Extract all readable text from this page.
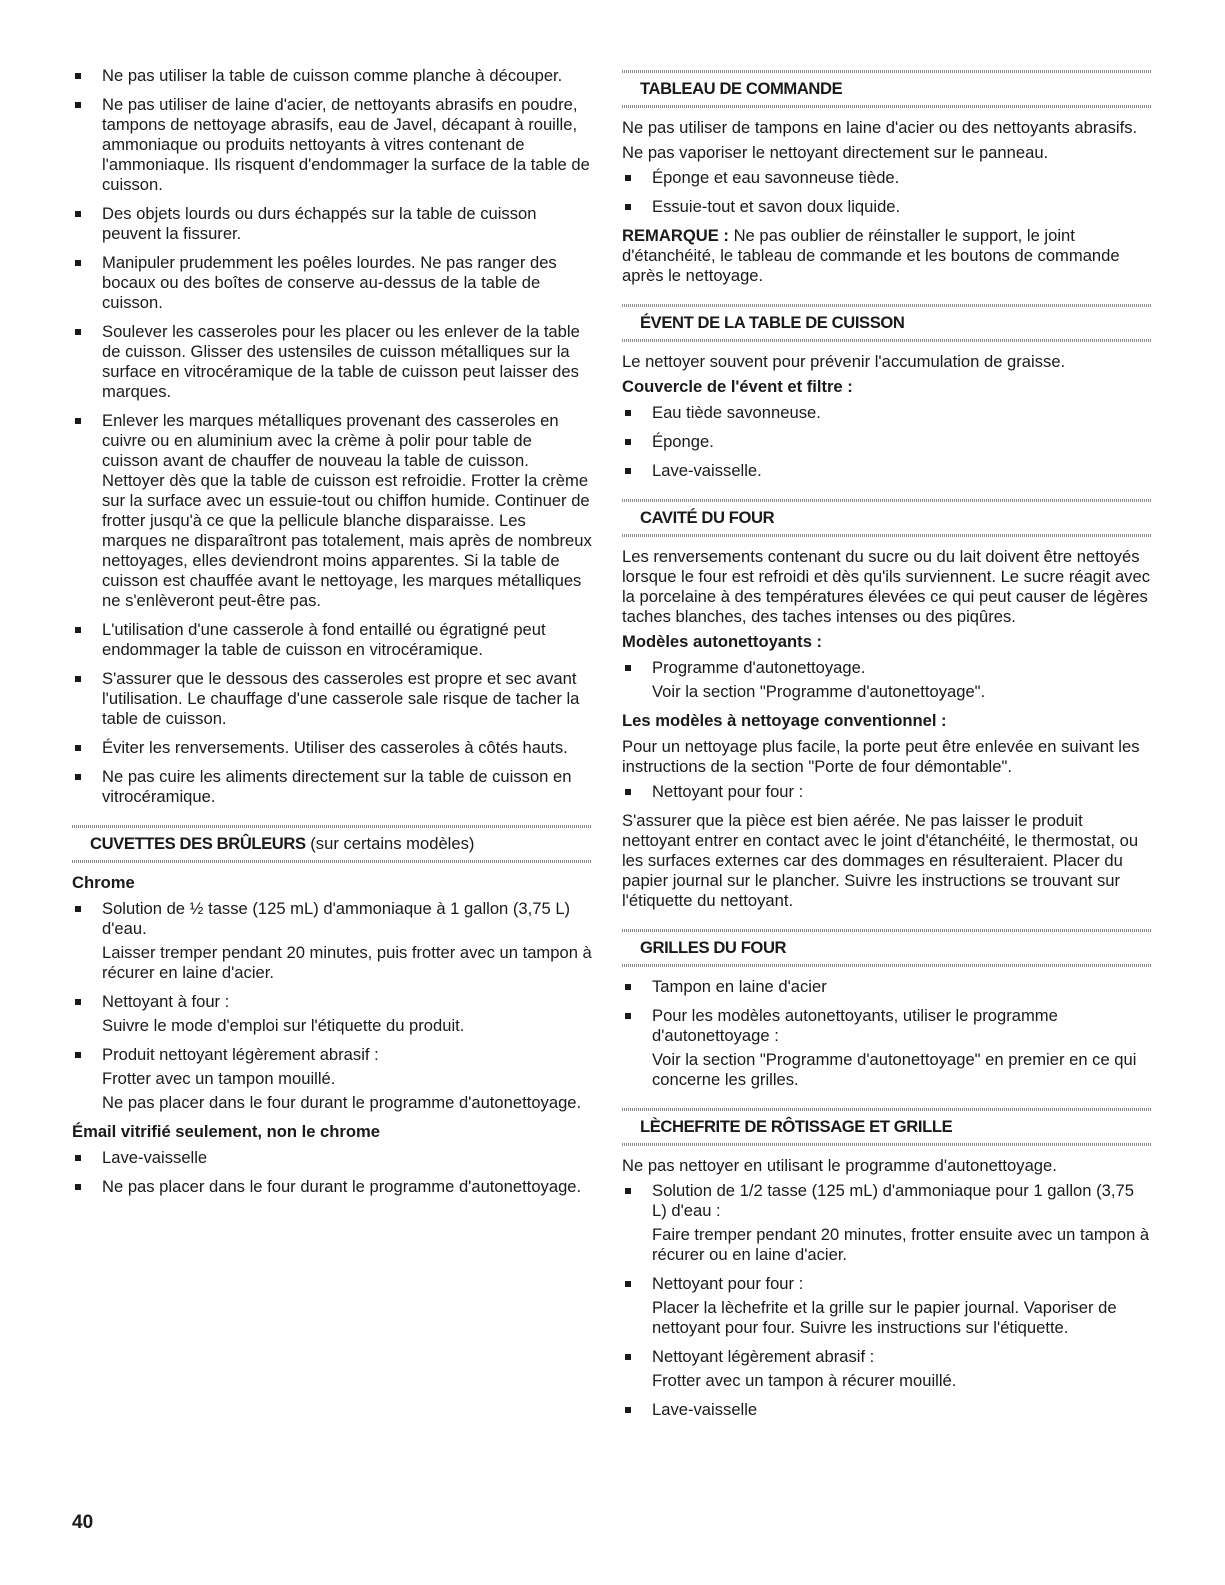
Ne pas utiliser la table de cuisson comme planche à découper.
Ne pas utiliser de laine d'acier, de nettoyants abrasifs en poudre, tampons de nettoyage abrasifs, eau de Javel, décapant à rouille, ammoniaque ou produits nettoyants à vitres contenant de l'ammoniaque. Ils risquent d'endommager la surface de la table de cuisson.
Des objets lourds ou durs échappés sur la table de cuisson peuvent la fissurer.
Manipuler prudemment les poêles lourdes. Ne pas ranger des bocaux ou des boîtes de conserve au-dessus de la table de cuisson.
Soulever les casseroles pour les placer ou les enlever de la table de cuisson. Glisser des ustensiles de cuisson métalliques sur la surface en vitrocéramique de la table de cuisson peut laisser des marques.
Enlever les marques métalliques provenant des casseroles en cuivre ou en aluminium avec la crème à polir pour table de cuisson avant de chauffer de nouveau la table de cuisson. Nettoyer dès que la table de cuisson est refroidie. Frotter la crème sur la surface avec un essuie-tout ou chiffon humide. Continuer de frotter jusqu'à ce que la pellicule blanche disparaisse. Les marques ne disparaîtront pas totalement, mais après de nombreux nettoyages, elles deviendront moins apparentes. Si la table de cuisson est chauffée avant le nettoyage, les marques métalliques ne s'enlèveront peut-être pas.
L'utilisation d'une casserole à fond entaillé ou égratigné peut endommager la table de cuisson en vitrocéramique.
S'assurer que le dessous des casseroles est propre et sec avant l'utilisation. Le chauffage d'une casserole sale risque de tacher la table de cuisson.
Éviter les renversements. Utiliser des casseroles à côtés hauts.
Ne pas cuire les aliments directement sur la table de cuisson en vitrocéramique.
CUVETTES DES BRÛLEURS (sur certains modèles)
Chrome
Solution de ½ tasse (125 mL) d'ammoniaque à 1 gallon (3,75 L) d'eau.
Laisser tremper pendant 20 minutes, puis frotter avec un tampon à récurer en laine d'acier.
Nettoyant à four :
Suivre le mode d'emploi sur l'étiquette du produit.
Produit nettoyant légèrement abrasif :
Frotter avec un tampon mouillé.
Ne pas placer dans le four durant le programme d'autonettoyage.
Émail vitrifié seulement, non le chrome
Lave-vaisselle
Ne pas placer dans le four durant le programme d'autonettoyage.
TABLEAU DE COMMANDE

Ne pas utiliser de tampons en laine d'acier ou des nettoyants abrasifs.

Ne pas vaporiser le nettoyant directement sur le panneau.

Éponge et eau savonneuse tiède.
Essuie-tout et savon doux liquide.

REMARQUE : Ne pas oublier de réinstaller le support, le joint d'étanchéité, le tableau de commande et les boutons de commande après le nettoyage.

ÉVENT DE LA TABLE DE CUISSON

Le nettoyer souvent pour prévenir l'accumulation de graisse.

Couvercle de l'évent et filtre :
Eau tiède savonneuse.
Éponge.
Lave-vaisselle.
CAVITÉ DU FOUR

Les renversements contenant du sucre ou du lait doivent être nettoyés lorsque le four est refroidi et dès qu'ils surviennent. Le sucre réagit avec la porcelaine à des températures élevées ce qui peut causer de légères taches blanches, des taches intenses ou des piqûres.

Modèles autonettoyants :
Programme d'autonettoyage.
Voir la section "Programme d'autonettoyage".
Les modèles à nettoyage conventionnel :

Pour un nettoyage plus facile, la porte peut être enlevée en suivant les instructions de la section "Porte de four démontable".

Nettoyant pour four :

S'assurer que la pièce est bien aérée. Ne pas laisser le produit nettoyant entrer en contact avec le joint d'étanchéité, le thermostat, ou les surfaces externes car des dommages en résulteraient. Placer du papier journal sur le plancher. Suivre les instructions se trouvant sur l'étiquette du nettoyant.

GRILLES DU FOUR
Tampon en laine d'acier
Pour les modèles autonettoyants, utiliser le programme d'autonettoyage :
Voir la section "Programme d'autonettoyage" en premier en ce qui concerne les grilles.
LÈCHEFRITE DE RÔTISSAGE ET GRILLE

Ne pas nettoyer en utilisant le programme d'autonettoyage.

Solution de 1/2 tasse (125 mL) d'ammoniaque pour 1 gallon (3,75 L) d'eau :
Faire tremper pendant 20 minutes, frotter ensuite avec un tampon à récurer ou en laine d'acier.
Nettoyant pour four :
Placer la lèchefrite et la grille sur le papier journal. Vaporiser de nettoyant pour four. Suivre les instructions sur l'étiquette.
Nettoyant légèrement abrasif :
Frotter avec un tampon à récurer mouillé.
Lave-vaisselle
40
